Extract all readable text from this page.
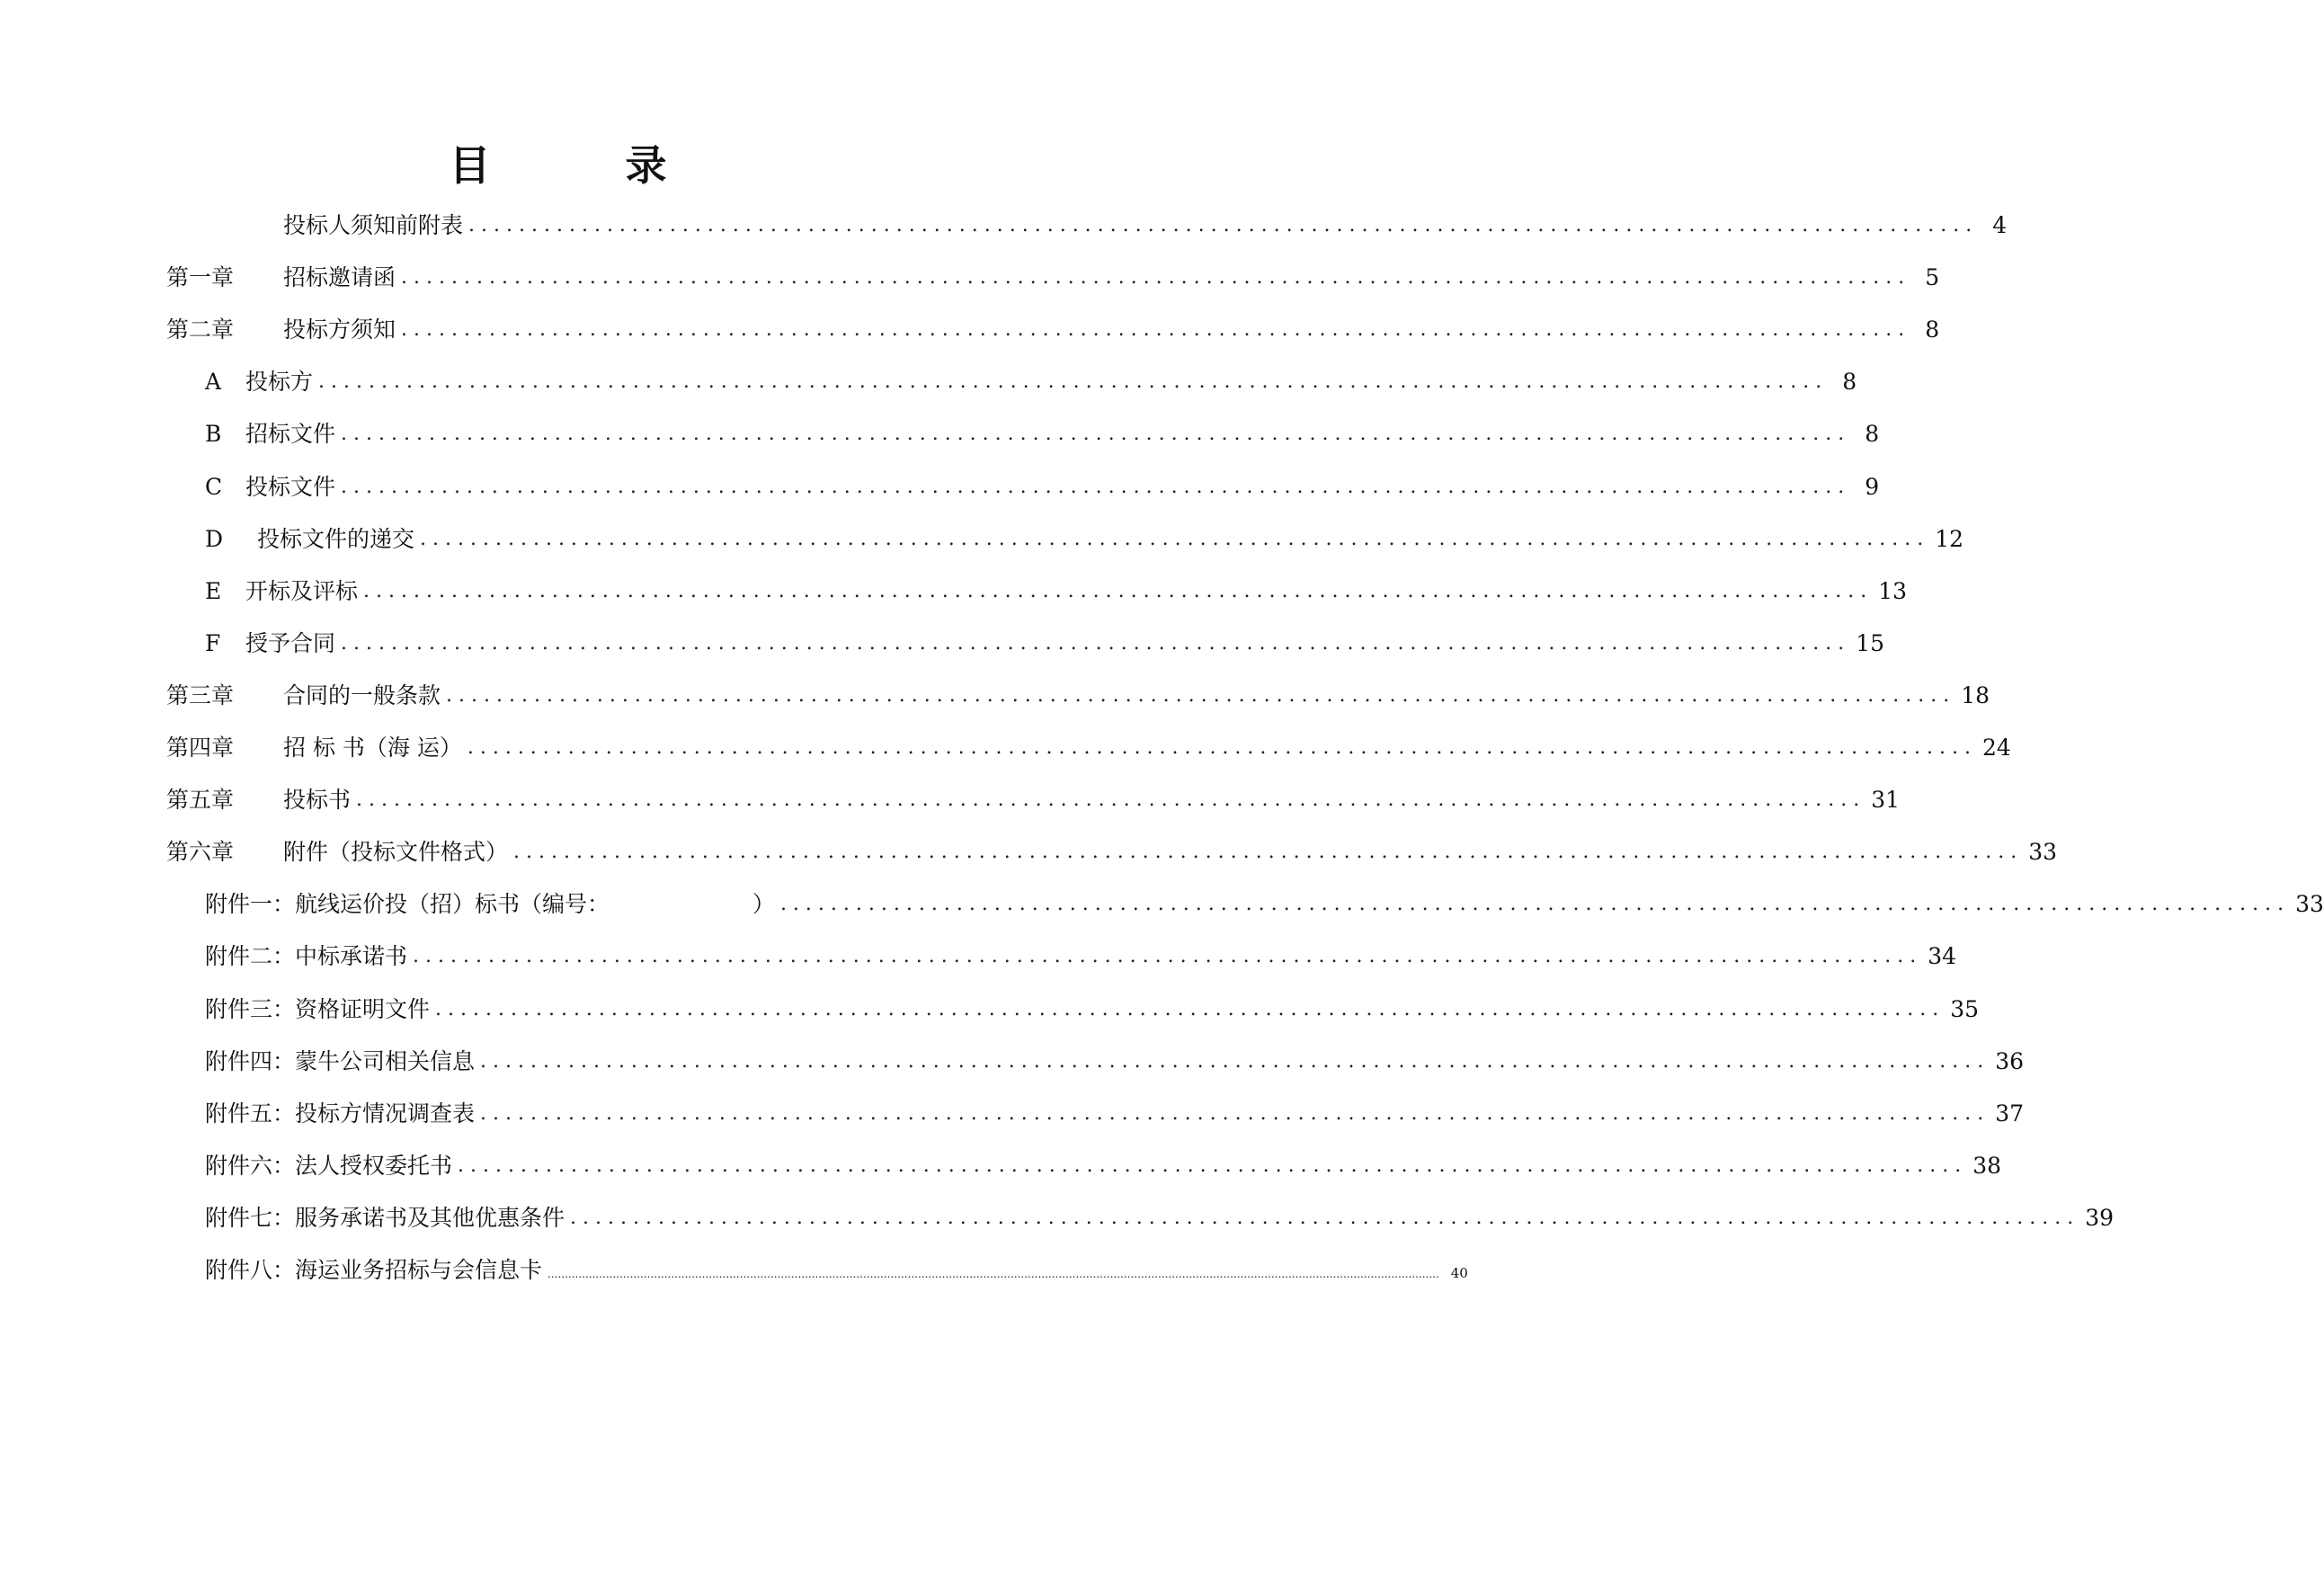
目	录
投标人须知前附表 ........................................................................................................................ 4
第一章	招标邀请函 ........................................................................................................................ 5
第二章	投标方须知 ........................................................................................................................ 8
A	投标方 ........................................................................................................................ 8
B	招标文件 ........................................................................................................................ 8
C	投标文件 ........................................................................................................................ 9
D	投标文件的递交 ........................................................................................................................ 12
E	开标及评标 ........................................................................................................................ 13
F	授予合同 ........................................................................................................................ 15
第三章	合同的一般条款 ........................................................................................................................ 18
第四章	招 标 书（海 运） ........................................................................................................................ 24
第五章	投标书 ........................................................................................................................ 31
第六章	附件（投标文件格式） ........................................................................................................................ 33
附件一：航线运价投（招）标书（编号：                    ） ........................................................................................................................ 33
附件二：中标承诺书 ........................................................................................................................ 34
附件三：资格证明文件 ........................................................................................................................ 35
附件四：蒙牛公司相关信息 ........................................................................................................................ 36
附件五：投标方情况调查表 ........................................................................................................................ 37
附件六：法人授权委托书 ........................................................................................................................ 38
附件七：服务承诺书及其他优惠条件 ........................................................................................................................ 39
附件八：海运业务招标与会信息卡 .................................................................................................................................................................................................................................................................... 40
